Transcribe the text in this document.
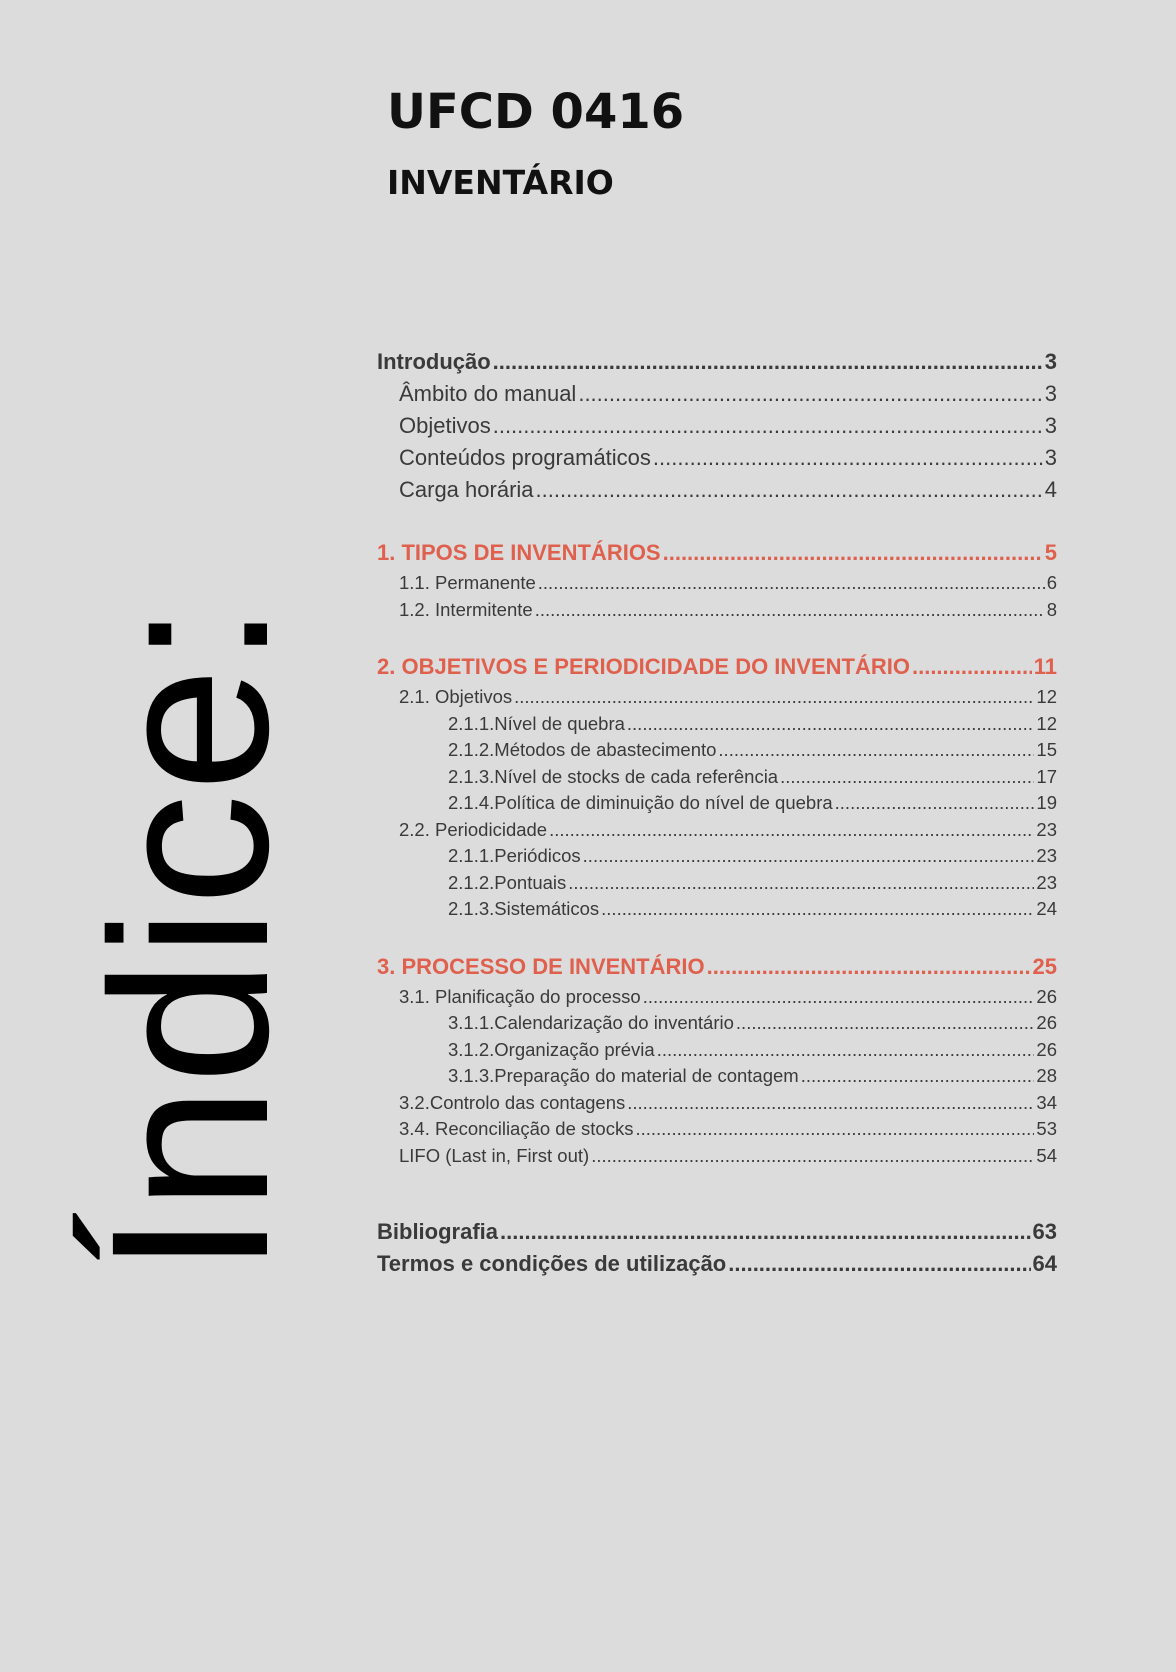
UFCD 0416
INVENTÁRIO
Índice:
Introdução .....	3
Âmbito do manual .....	3
Objetivos .....	3
Conteúdos programáticos .....	3
Carga horária .....	4
1. TIPOS DE INVENTÁRIOS .....	5
1.1. Permanente .....	6
1.2. Intermitente .....	8
2. OBJETIVOS E PERIODICIDADE DO INVENTÁRIO .....	11
2.1. Objetivos .....	12
2.1.1.Nível de quebra .....	12
2.1.2.Métodos de abastecimento .....	15
2.1.3.Nível de stocks de cada referência .....	17
2.1.4.Política de diminuição do nível de quebra .....	19
2.2. Periodicidade .....	23
2.1.1.Periódicos .....	23
2.1.2.Pontuais .....	23
2.1.3.Sistemáticos .....	24
3. PROCESSO DE INVENTÁRIO .....	25
3.1. Planificação do processo .....	26
3.1.1.Calendarização do inventário .....	26
3.1.2.Organização prévia .....	26
3.1.3.Preparação do material de contagem .....	28
3.2.Controlo das contagens .....	34
3.4. Reconciliação de stocks .....	53
LIFO (Last in, First out) .....	54
Bibliografia .....	63
Termos e condições de utilização .....	64
